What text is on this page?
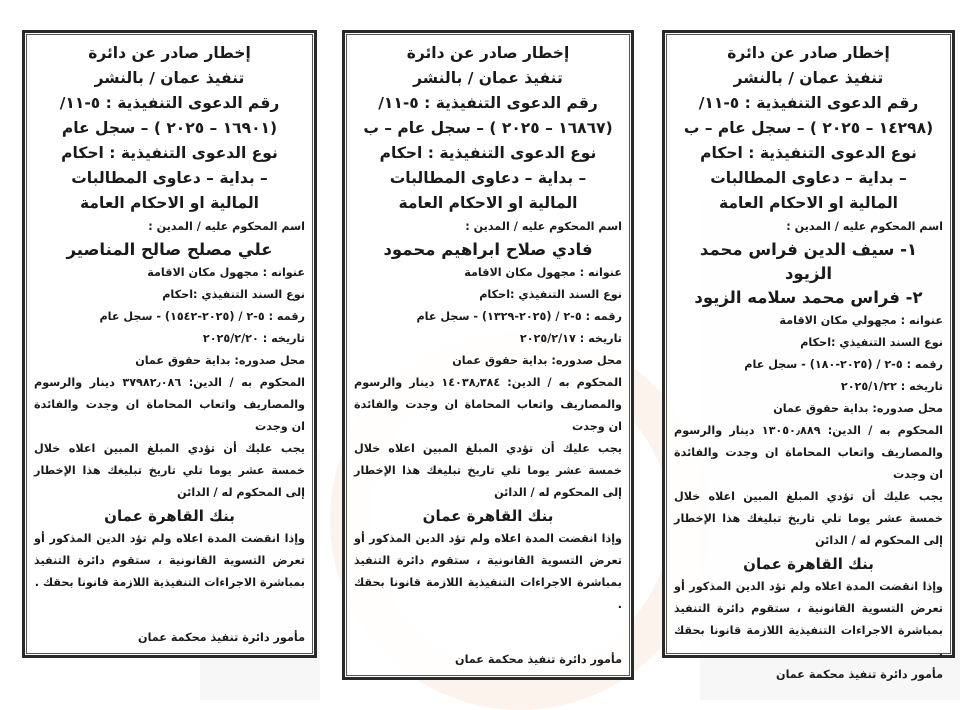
إخطار صادر عن دائرة
تنفيذ عمان / بالنشر
رقم الدعوى التنفيذية : ٥-١١/
(١٤٢٩٨ – ٢٠٢٥ ) – سجل عام – ب
نوع الدعوى التنفيذية : احكام
– بداية – دعاوى المطالبات
المالية او الاحكام العامة
اسم المحكوم عليه / المدين :
١- سيف الدين فراس محمد الزيود
٢- فراس محمد سلامه الزيود
عنوانه : مجهولي مكان الاقامة
نوع السند التنفيذي :احكام
رقمه : ٥-٢ / (٢٠٢٥-١٨٠) - سجل عام
تاريخه : ٢٠٢٥/١/٢٢
محل صدوره: بداية حقوق عمان
المحكوم به / الدين: ١٣٠٥٠٫٨٨٩ دينار والرسوم والمصاريف واتعاب المحاماة ان وجدت والفائدة ان وجدت
يجب عليك أن تؤدي المبلغ المبين اعلاه خلال خمسة عشر يوما تلي تاريخ تبليغك هذا الإخطار إلى المحكوم له / الدائن
بنك القاهرة عمان
وإذا انقضت المدة اعلاه ولم تؤد الدين المذكور أو تعرض التسوية القانونية ، ستقوم دائرة التنفيذ بمباشرة الاجراءات التنفيذية اللازمة قانونا بحقك .
مأمور دائرة تنفيذ محكمة عمان
إخطار صادر عن دائرة
تنفيذ عمان / بالنشر
رقم الدعوى التنفيذية : ٥-١١/
(١٦٨٦٧ – ٢٠٢٥ ) – سجل عام – ب
نوع الدعوى التنفيذية : احكام
– بداية – دعاوى المطالبات
المالية او الاحكام العامة
اسم المحكوم عليه / المدين :
فادي صلاح ابراهيم محمود
عنوانه : مجهول مكان الاقامة
نوع السند التنفيذي :احكام
رقمه : ٥-٢ / (٢٠٢٥-١٣٢٩) - سجل عام
تاريخه : ٢٠٢٥/٢/١٧
محل صدوره: بداية حقوق عمان
المحكوم به / الدين: ١٤٠٣٨٫٣٨٤ دينار والرسوم والمصاريف واتعاب المحاماة ان وجدت والفائدة ان وجدت
يجب عليك أن تؤدي المبلغ المبين اعلاه خلال خمسة عشر يوما تلي تاريخ تبليغك هذا الإخطار إلى المحكوم له / الدائن
بنك القاهرة عمان
وإذا انقضت المدة اعلاه ولم تؤد الدين المذكور أو تعرض التسوية القانونية ، ستقوم دائرة التنفيذ بمباشرة الاجراءات التنفيذية اللازمة قانونا بحقك .
مأمور دائرة تنفيذ محكمة عمان
إخطار صادر عن دائرة
تنفيذ عمان / بالنشر
رقم الدعوى التنفيذية : ٥-١١/
(١٦٩٠١ – ٢٠٢٥ ) – سجل عام
نوع الدعوى التنفيذية : احكام
– بداية – دعاوى المطالبات
المالية او الاحكام العامة
اسم المحكوم عليه / المدين :
علي مصلح صالح المناصير
عنوانه : مجهول مكان الاقامة
نوع السند التنفيذي :احكام
رقمه : ٥-٢ / (٢٠٢٥-١٥٤٢) - سجل عام
تاريخه : ٢٠٢٥/٢/٢٠
محل صدوره: بداية حقوق عمان
المحكوم به / الدين: ٣٧٩٨٢٫٠٨٦ دينار والرسوم والمصاريف واتعاب المحاماة ان وجدت والفائدة ان وجدت
يجب عليك أن تؤدي المبلغ المبين اعلاه خلال خمسة عشر يوما تلي تاريخ تبليغك هذا الإخطار إلى المحكوم له / الدائن
بنك القاهرة عمان
وإذا انقضت المدة اعلاه ولم تؤد الدين المذكور أو تعرض التسوية القانونية ، ستقوم دائرة التنفيذ بمباشرة الاجراءات التنفيذية اللازمة قانونا بحقك .
مأمور دائرة تنفيذ محكمة عمان
